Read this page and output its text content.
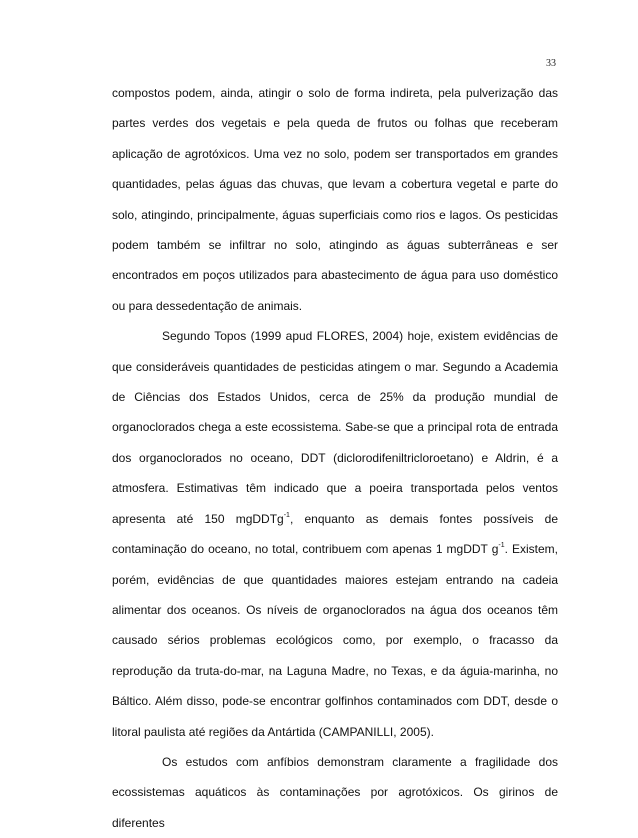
33

compostos podem, ainda, atingir o solo de forma indireta, pela pulverização das partes verdes dos vegetais e pela queda de frutos ou folhas que receberam aplicação de agrotóxicos. Uma vez no solo, podem ser transportados em grandes quantidades, pelas águas das chuvas, que levam a cobertura vegetal e parte do solo, atingindo, principalmente, águas superficiais como rios e lagos. Os pesticidas podem também se infiltrar no solo, atingindo as águas subterrâneas e ser encontrados em poços utilizados para abastecimento de água para uso doméstico ou para dessedentação de animais.

Segundo Topos (1999 apud FLORES, 2004) hoje, existem evidências de que consideráveis quantidades de pesticidas atingem o mar. Segundo a Academia de Ciências dos Estados Unidos, cerca de 25% da produção mundial de organoclorados chega a este ecossistema. Sabe-se que a principal rota de entrada dos organoclorados no oceano, DDT (diclorodifeniltricloroetano) e Aldrin, é a atmosfera. Estimativas têm indicado que a poeira transportada pelos ventos apresenta até 150 mgDDTg$^{-1}$, enquanto as demais fontes possíveis de contaminação do oceano, no total, contribuem com apenas 1 mgDDT $g^{-1}$. Existem, porém, evidências de que quantidades maiores estejam entrando na cadeia alimentar dos oceanos. Os níveis de organoclorados na água dos oceanos têm causado sérios problemas ecológicos como, por exemplo, o fracasso da reprodução da truta-do-mar, na Laguna Madre, no Texas, e da águia-marinha, no Báltico. Além disso, pode-se encontrar golfinhos contaminados com DDT, desde o litoral paulista até regiões da Antártida (CAMPANILLI, 2005).

Os estudos com anfíbios demonstram claramente a fragilidade dos ecossistemas aquáticos às contaminações por agrotóxicos. Os girinos de diferentes
